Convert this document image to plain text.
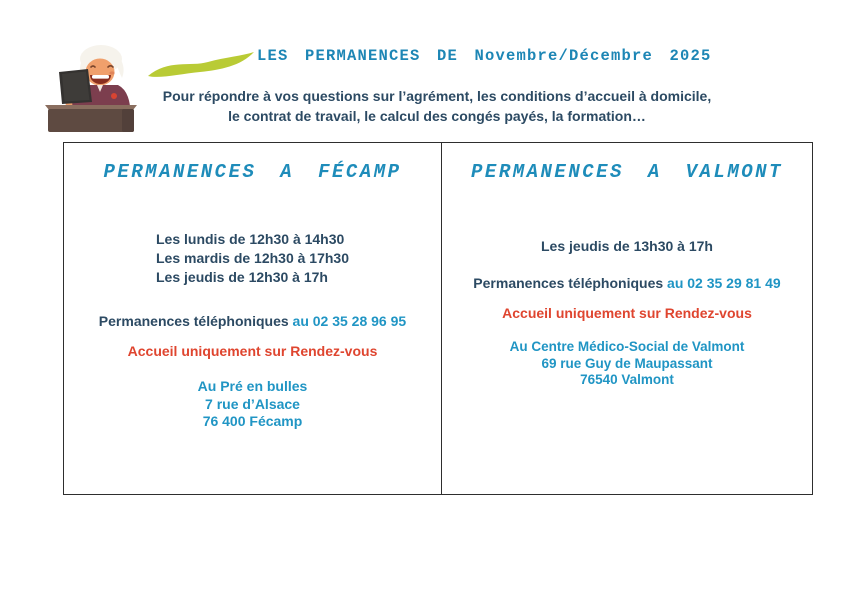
LES PERMANENCES DE Novembre/Décembre 2025
Pour répondre à vos questions sur l’agrément, les conditions d’accueil à domicile,
le contrat de travail, le calcul des congés payés, la formation…
PERMANENCES A FÉCAMP
Les lundis de 12h30 à 14h30
Les mardis de 12h30 à 17h30
Les jeudis de 12h30 à 17h
Permanences téléphoniques au 02 35 28 96 95
Accueil uniquement sur Rendez-vous
Au Pré en bulles
7 rue d’Alsace
76 400 Fécamp
PERMANENCES A VALMONT
Les jeudis de 13h30 à 17h
Permanences téléphoniques au 02 35 29 81 49
Accueil uniquement sur Rendez-vous
Au Centre Médico-Social de Valmont
69 rue Guy de Maupassant
76540 Valmont
